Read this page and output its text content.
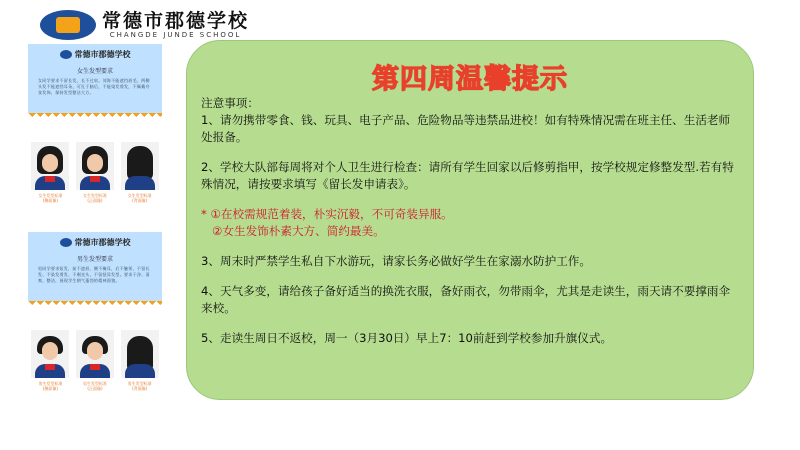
常德市郡德学校
CHANGDE JUNDE SCHOOL
常德市郡德学校
女生发型要求
女同学要求不留长发，长不过肩。刘海不能遮挡眉毛，两侧头发不能遮挡耳朵，可扎于脑后，不能染发烫发，不佩戴夸张发饰，保持发型整洁大方。
女生发型标准
(侧面像)
女生发型标准
(正面像)
女生发型标准
(背面像)
常德市郡德学校
男生发型要求
男同学要求短发，前不遮眉，侧不掩耳，后不触领，不留长发、不染发烫发、不剃光头、不留怪异发型。要求干净、清爽、整洁，展现学生朝气蓬勃的精神面貌。
男生发型标准
(侧面像)
男生发型标准
(正面像)
男生发型标准
(背面像)
第四周温馨提示

注意事项：

1、请勿携带零食、钱、玩具、电子产品、危险物品等违禁品进校！如有特殊情况需在班主任、生活老师处报备。

2、学校大队部每周将对个人卫生进行检查：请所有学生回家以后修剪指甲，按学校规定修整发型.若有特殊情况，请按要求填写《留长发申请表》。

* ①在校需规范着装，朴实沉毅，不可奇装异服。

②女生发饰朴素大方、简约最美。

3、周末时严禁学生私自下水游玩，请家长务必做好学生在家溺水防护工作。

4、天气多变，请给孩子备好适当的换洗衣服，备好雨衣，勿带雨伞，尤其是走读生，雨天请不要撑雨伞来校。

5、走读生周日不返校，周一（3月30日）早上7：10前赶到学校参加升旗仪式。
